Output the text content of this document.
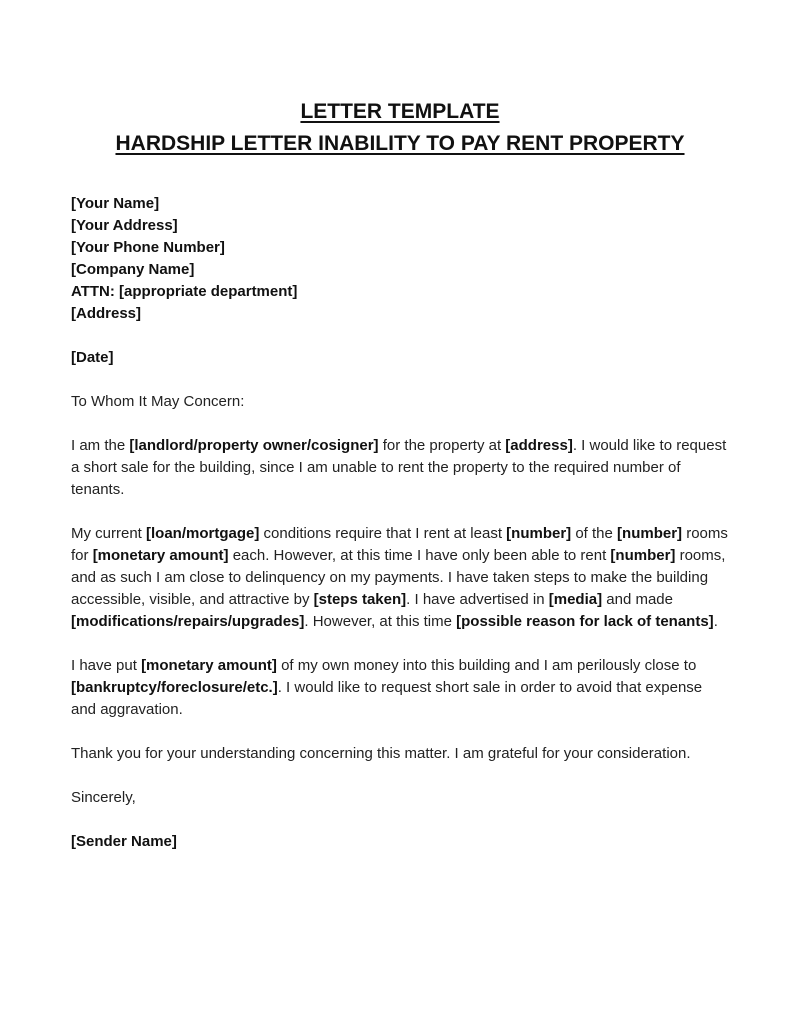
LETTER TEMPLATE
HARDSHIP LETTER INABILITY TO PAY RENT PROPERTY
[Your Name]
[Your Address]
[Your Phone Number]
[Company Name]
ATTN: [appropriate department]
[Address]
[Date]

To Whom It May Concern:

I am the [landlord/property owner/cosigner] for the property at [address]. I would like to request a short sale for the building, since I am unable to rent the property to the required number of tenants.

My current [loan/mortgage] conditions require that I rent at least [number] of the [number] rooms for [monetary amount] each. However, at this time I have only been able to rent [number] rooms, and as such I am close to delinquency on my payments. I have taken steps to make the building accessible, visible, and attractive by [steps taken]. I have advertised in [media] and made [modifications/repairs/upgrades]. However, at this time [possible reason for lack of tenants].

I have put [monetary amount] of my own money into this building and I am perilously close to [bankruptcy/foreclosure/etc.]. I would like to request short sale in order to avoid that expense and aggravation.

Thank you for your understanding concerning this matter. I am grateful for your consideration.

Sincerely,

[Sender Name]
